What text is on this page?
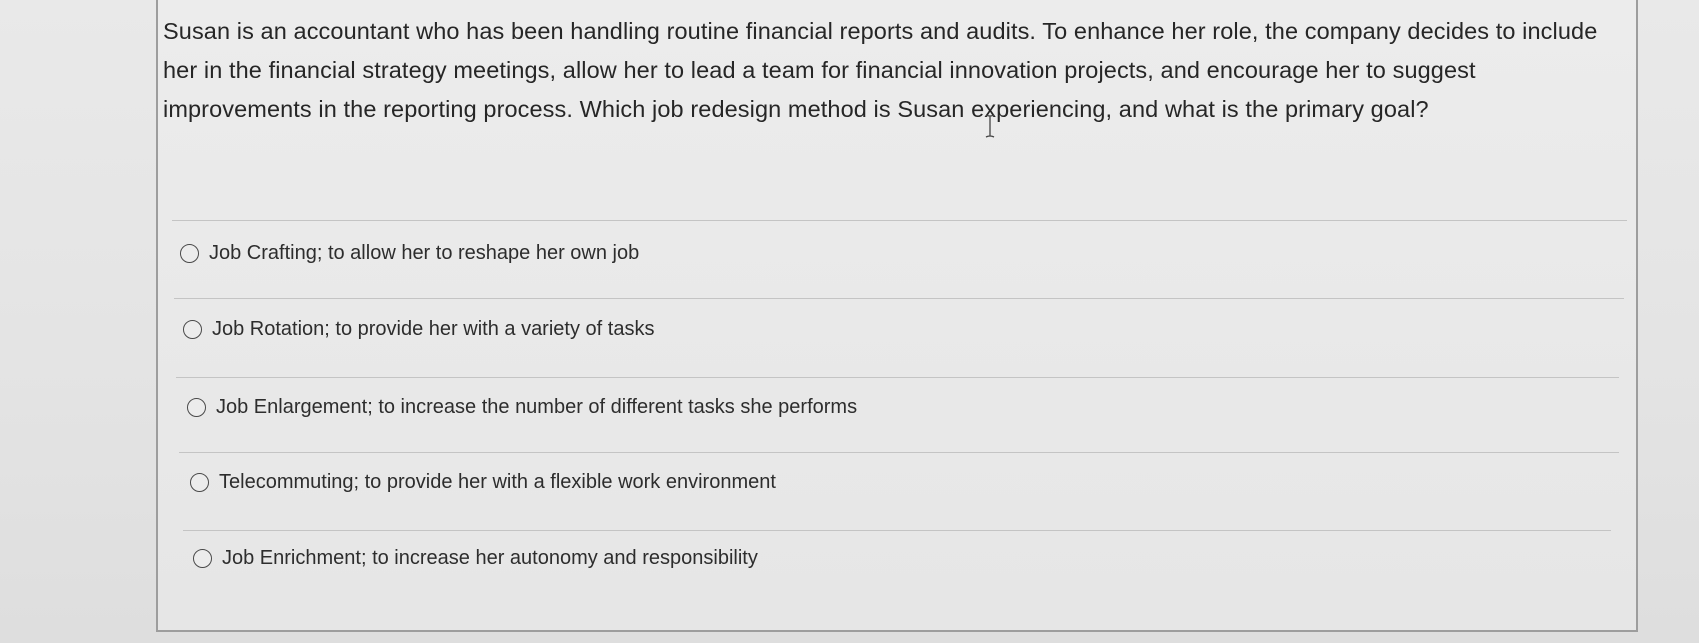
Susan is an accountant who has been handling routine financial reports and audits. To enhance her role, the company decides to include her in the financial strategy meetings, allow her to lead a team for financial innovation projects, and encourage her to suggest improvements in the reporting process. Which job redesign method is Susan experiencing, and what is the primary goal?

Job Crafting; to allow her to reshape her own job
Job Rotation; to provide her with a variety of tasks
Job Enlargement; to increase the number of different tasks she performs
Telecommuting; to provide her with a flexible work environment
Job Enrichment; to increase her autonomy and responsibility
